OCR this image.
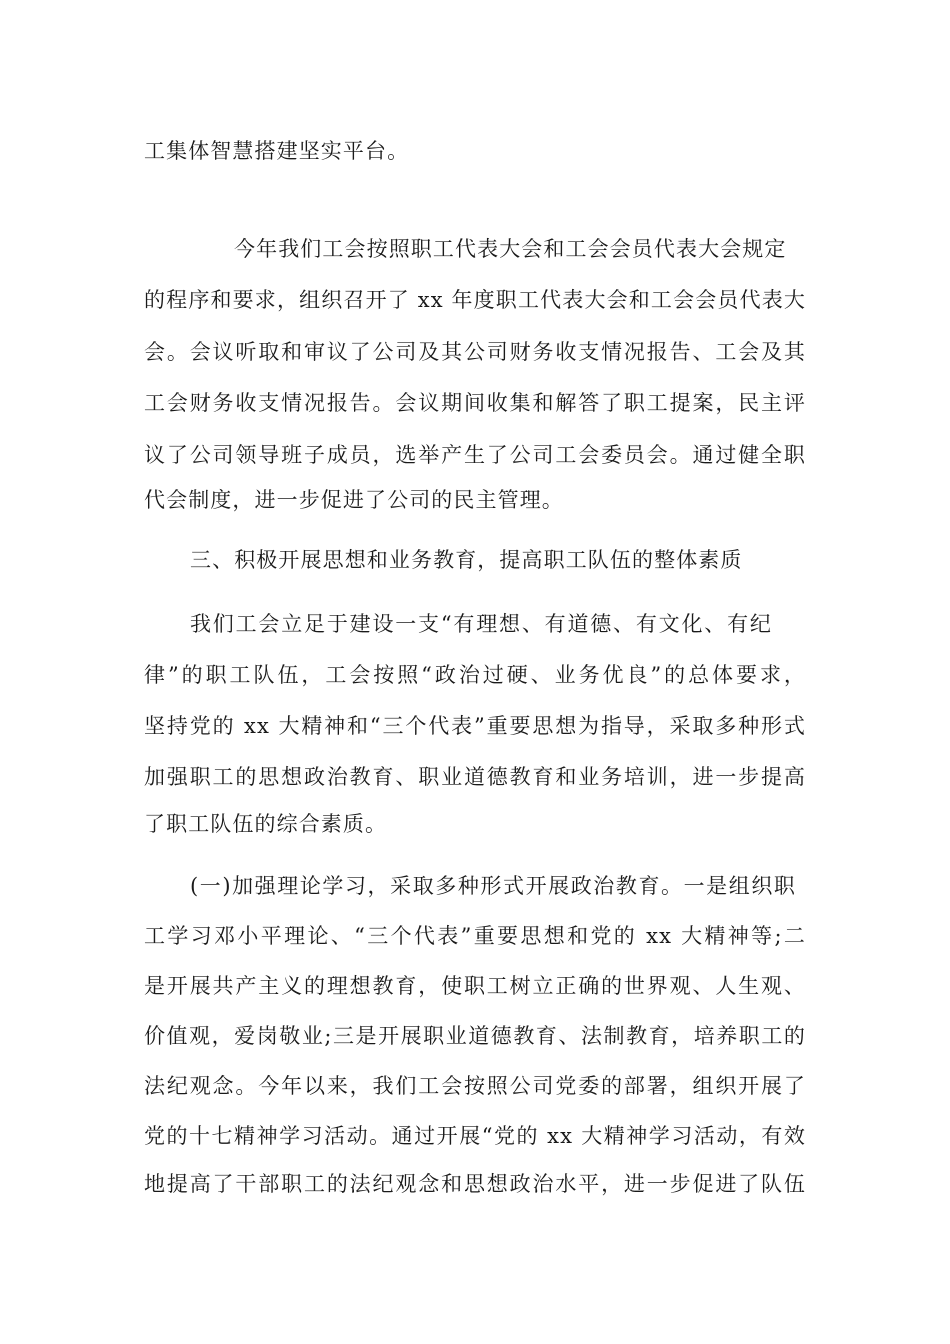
工集体智慧搭建坚实平台。
今年我们工会按照职工代表大会和工会会员代表大会规定
的程序和要求，组织召开了 xx 年度职工代表大会和工会会员代表大
会。会议听取和审议了公司及其公司财务收支情况报告、工会及其
工会财务收支情况报告。会议期间收集和解答了职工提案，民主评
议了公司领导班子成员，选举产生了公司工会委员会。通过健全职
代会制度，进一步促进了公司的民主管理。
三、积极开展思想和业务教育，提高职工队伍的整体素质
我们工会立足于建设一支“有理想、有道德、有文化、有纪
律”的职工队伍，工会按照“政治过硬、业务优良”的总体要求，
坚持党的 xx 大精神和“三个代表”重要思想为指导，采取多种形式
加强职工的思想政治教育、职业道德教育和业务培训，进一步提高
了职工队伍的综合素质。
(一)加强理论学习，采取多种形式开展政治教育。一是组织职
工学习邓小平理论、“三个代表”重要思想和党的 xx 大精神等;二
是开展共产主义的理想教育，使职工树立正确的世界观、人生观、
价值观，爱岗敬业;三是开展职业道德教育、法制教育，培养职工的
法纪观念。今年以来，我们工会按照公司党委的部署，组织开展了
党的十七精神学习活动。通过开展“党的 xx 大精神学习活动，有效
地提高了干部职工的法纪观念和思想政治水平，进一步促进了队伍
